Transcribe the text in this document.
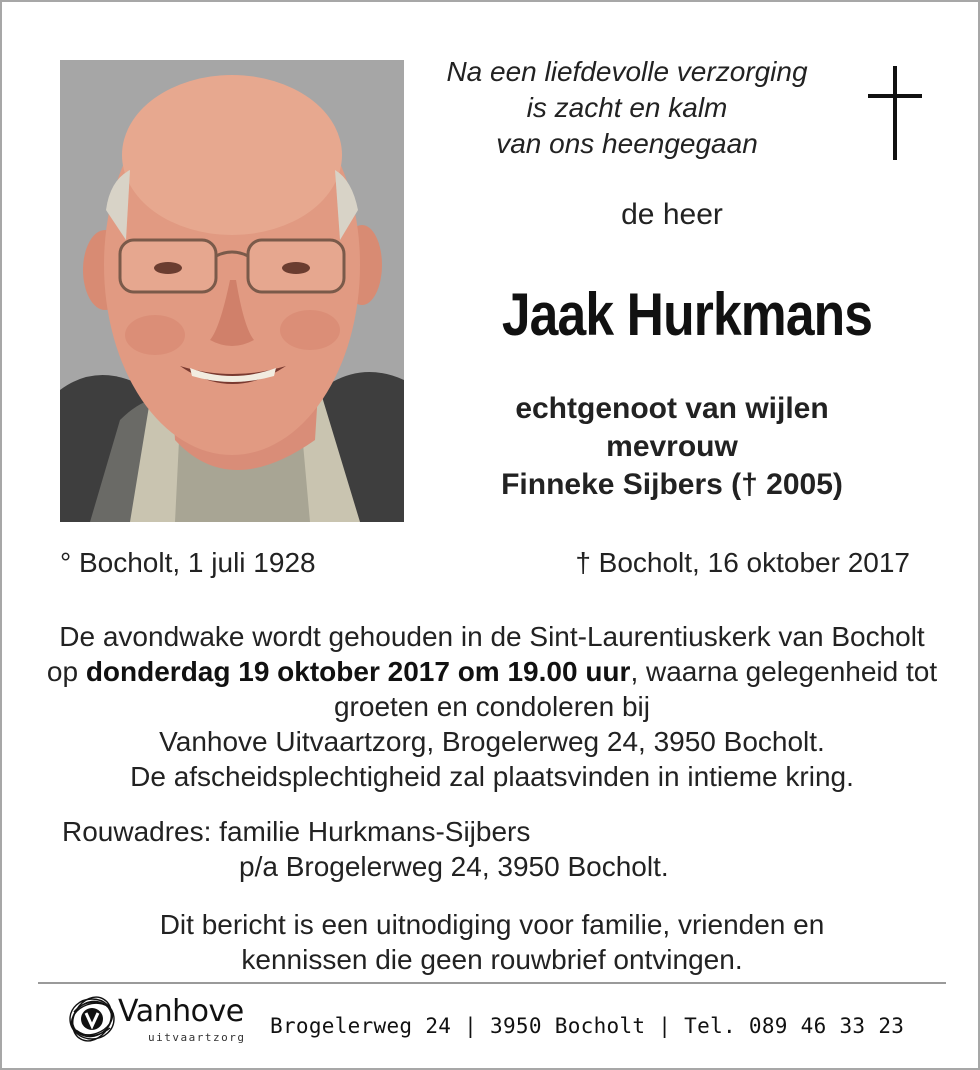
Na een liefdevolle verzorging
is zacht en kalm
van ons heengegaan
de heer
Jaak Hurkmans
echtgenoot van wijlen
mevrouw
Finneke Sijbers († 2005)
° Bocholt, 1 juli 1928	† Bocholt, 16 oktober 2017
De avondwake wordt gehouden in de Sint-Laurentiuskerk van Bocholt op donderdag 19 oktober 2017 om 19.00 uur, waarna gelegenheid tot groeten en condoleren bij
Vanhove Uitvaartzorg, Brogelerweg 24, 3950 Bocholt.
De afscheidsplechtigheid zal plaatsvinden in intieme kring.
Rouwadres: familie Hurkmans-Sijbers
p/a Brogelerweg 24, 3950 Bocholt.
Dit bericht is een uitnodiging voor familie, vrienden en
kennissen die geen rouwbrief ontvingen.
Vanhove
uitvaartzorg Brogelerweg 24 | 3950 Bocholt | Tel. 089 46 33 23
